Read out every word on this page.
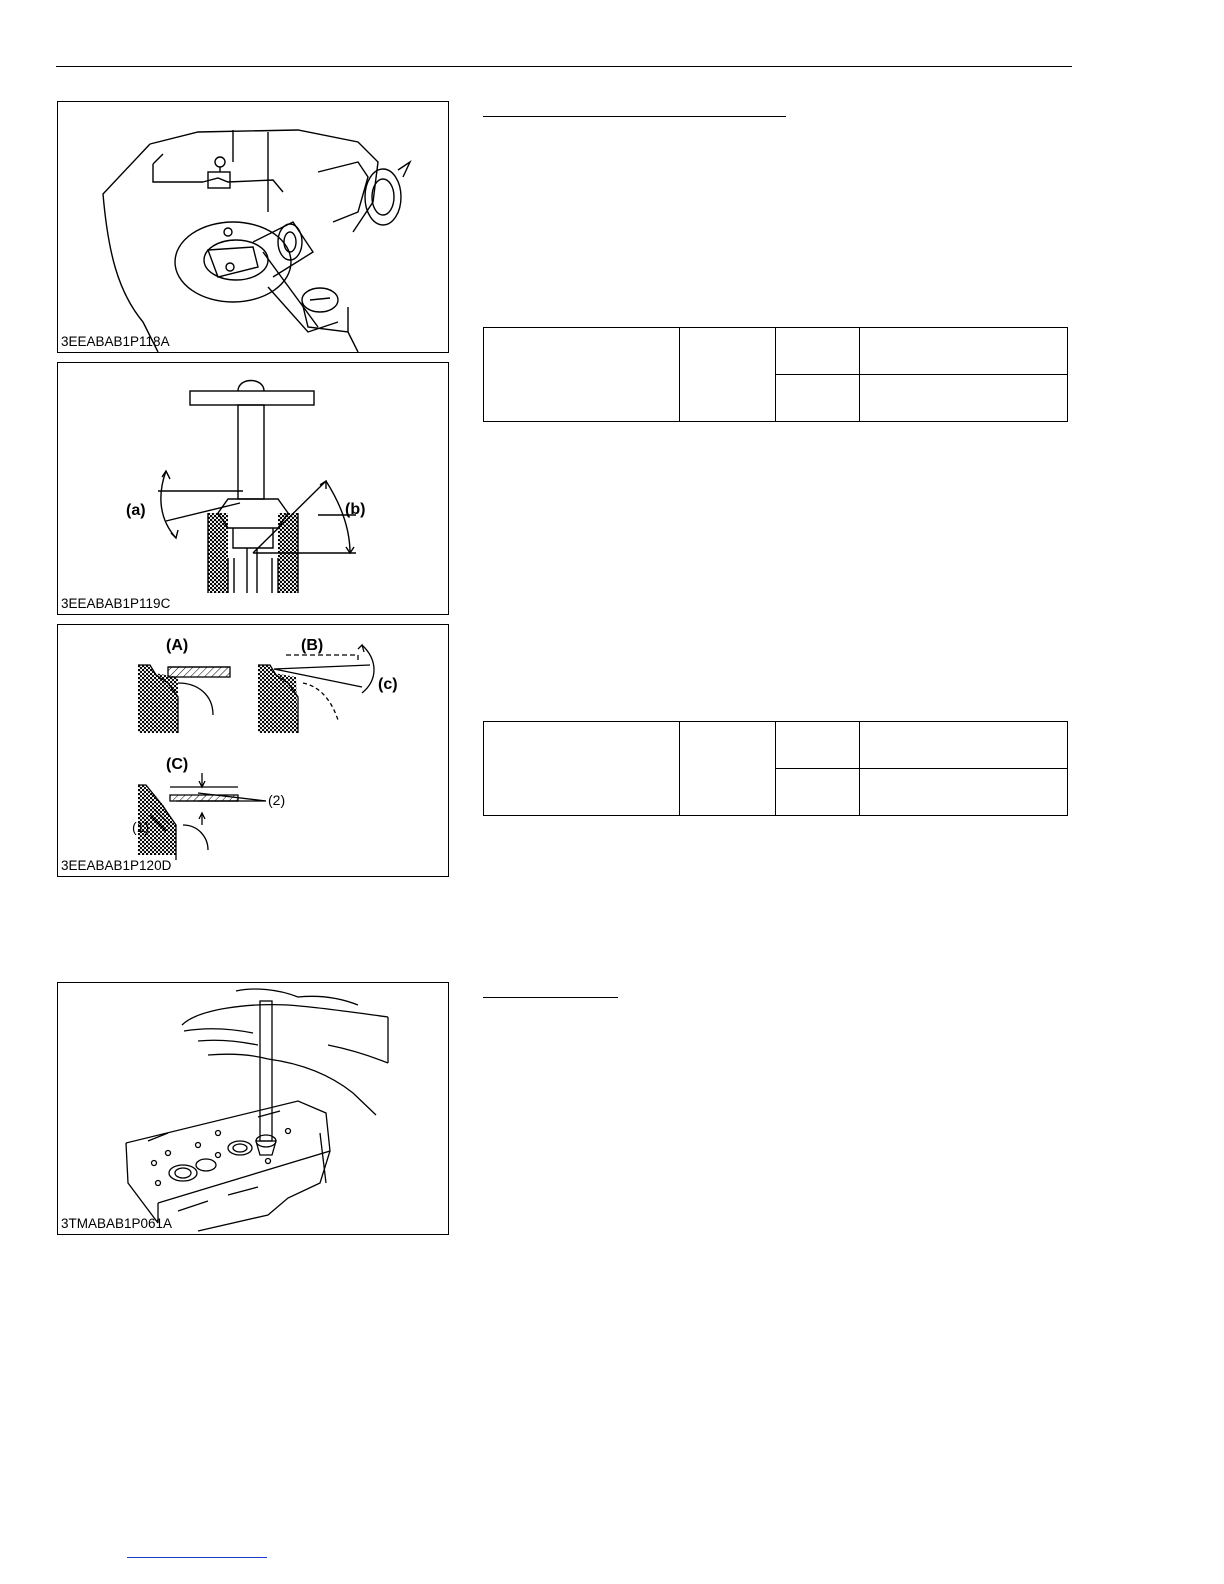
3EEABAB1P118A
(a)	(b)
3EEABAB1P119C
(A)	(B)
(c)
(C)
(1)
(2)
3EEABAB1P120D
3TMABAB1P061A
